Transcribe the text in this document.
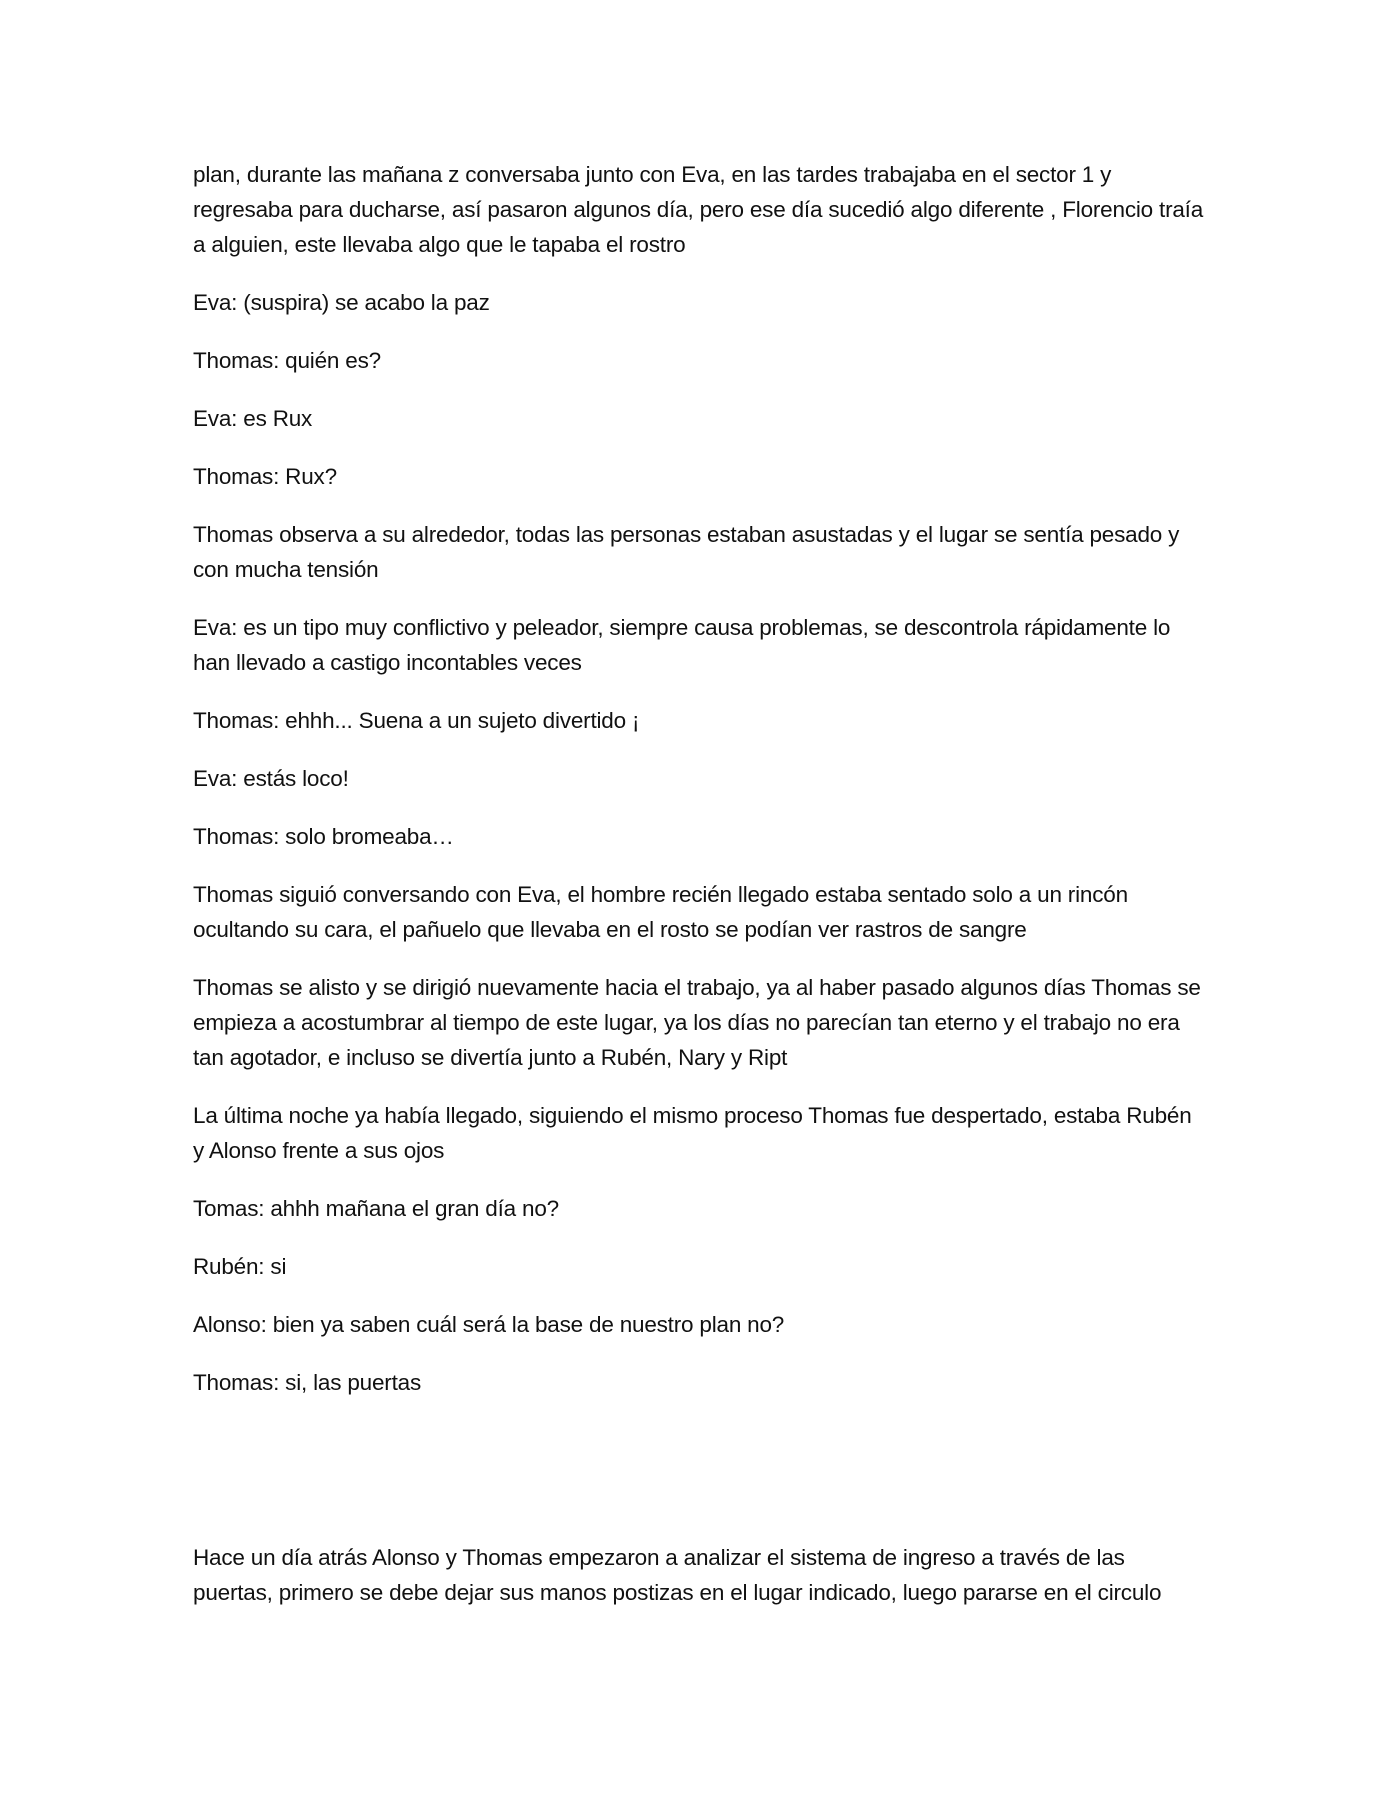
plan, durante las mañana z conversaba junto con Eva, en las tardes trabajaba en el sector 1 y regresaba para ducharse, así pasaron algunos día, pero ese día sucedió algo diferente , Florencio traía a alguien, este llevaba algo que le tapaba el rostro

Eva: (suspira) se acabo la paz

Thomas: quién es?

Eva: es Rux

Thomas: Rux?

Thomas observa a su alrededor, todas las personas estaban asustadas y el lugar se sentía pesado y con mucha tensión

Eva: es un tipo muy conflictivo y peleador, siempre causa problemas, se descontrola rápidamente lo han llevado a castigo incontables veces

Thomas: ehhh... Suena a un sujeto divertido ¡

Eva: estás loco!

Thomas: solo bromeaba…

Thomas siguió conversando con Eva, el hombre recién llegado estaba sentado solo a un rincón ocultando su cara, el pañuelo que llevaba en el rosto se podían ver rastros de sangre

Thomas se alisto y se dirigió nuevamente hacia el trabajo, ya al haber pasado algunos días Thomas se empieza a acostumbrar al tiempo de este lugar, ya los días no parecían tan eterno y el trabajo no era tan agotador, e incluso se divertía junto a Rubén, Nary y Ript

La última noche ya había llegado, siguiendo el mismo proceso Thomas fue despertado, estaba Rubén y Alonso frente a sus ojos

Tomas: ahhh mañana el gran día no?

Rubén: si

Alonso: bien ya saben cuál será la base de nuestro plan no?

Thomas: si, las puertas

Hace un día atrás Alonso y Thomas empezaron a analizar el sistema de ingreso a través de las puertas, primero se debe dejar sus manos postizas en el lugar indicado, luego pararse en el circulo
